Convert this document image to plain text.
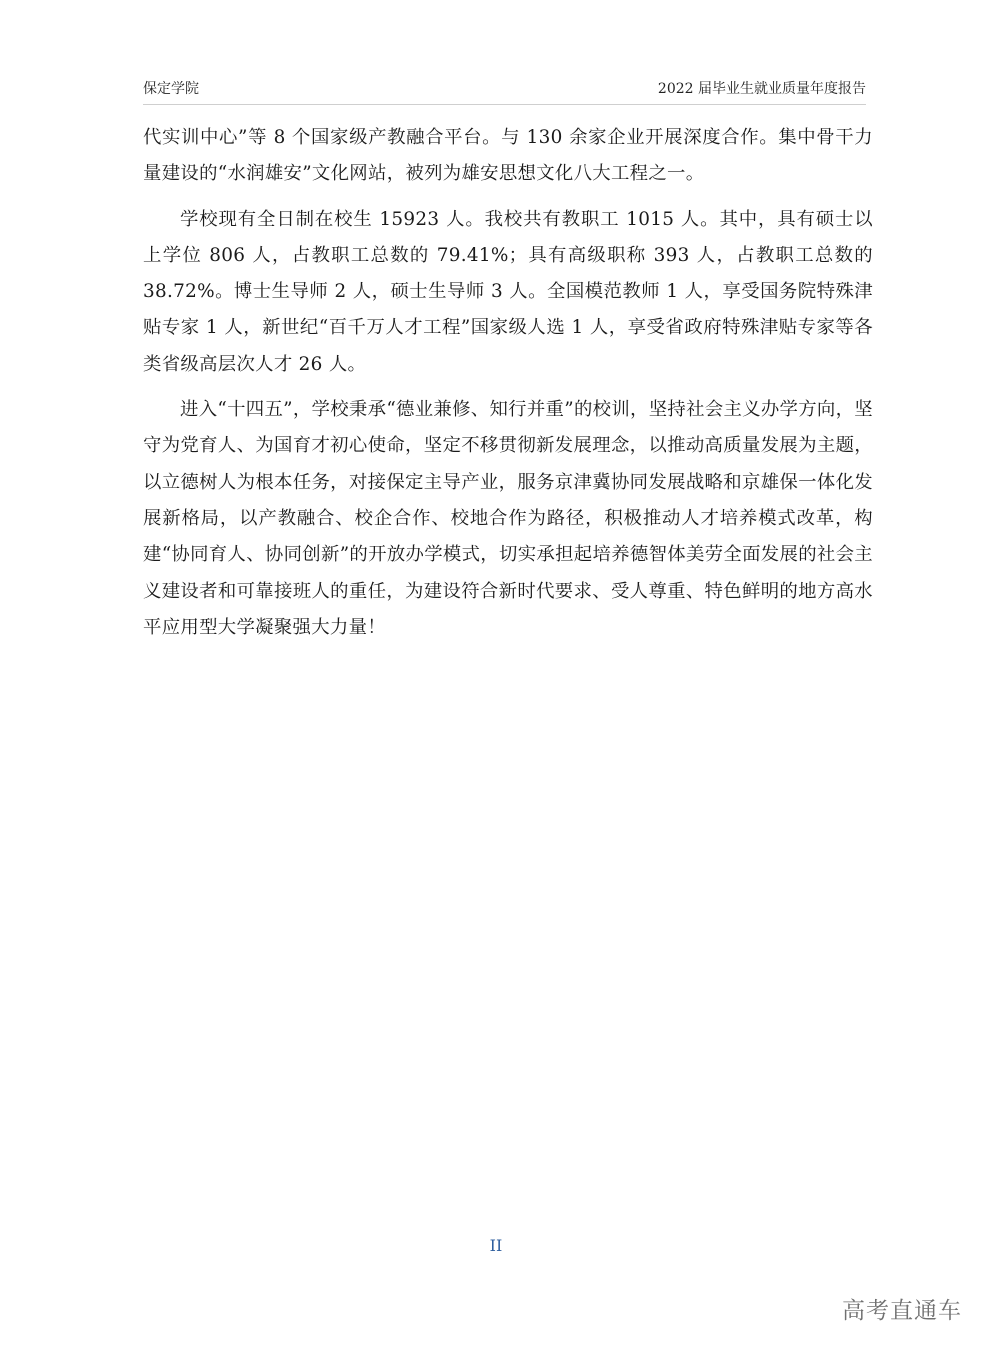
保定学院	2022 届毕业生就业质量年度报告

代实训中心”等 8 个国家级产教融合平台。与 130 余家企业开展深度合作。集中骨干力量建设的“水润雄安”文化网站，被列为雄安思想文化八大工程之一。

学校现有全日制在校生 15923 人。我校共有教职工 1015 人。其中，具有硕士以上学位 806 人，占教职工总数的 79.41%；具有高级职称 393 人，占教职工总数的 38.72%。博士生导师 2 人，硕士生导师 3 人。全国模范教师 1 人，享受国务院特殊津贴专家 1 人，新世纪“百千万人才工程”国家级人选 1 人，享受省政府特殊津贴专家等各类省级高层次人才 26 人。

进入“十四五”，学校秉承“德业兼修、知行并重”的校训，坚持社会主义办学方向，坚守为党育人、为国育才初心使命，坚定不移贯彻新发展理念，以推动高质量发展为主题，以立德树人为根本任务，对接保定主导产业，服务京津冀协同发展战略和京雄保一体化发展新格局，以产教融合、校企合作、校地合作为路径，积极推动人才培养模式改革，构建“协同育人、协同创新”的开放办学模式，切实承担起培养德智体美劳全面发展的社会主义建设者和可靠接班人的重任，为建设符合新时代要求、受人尊重、特色鲜明的地方高水平应用型大学凝聚强大力量！

II
高考直通车
